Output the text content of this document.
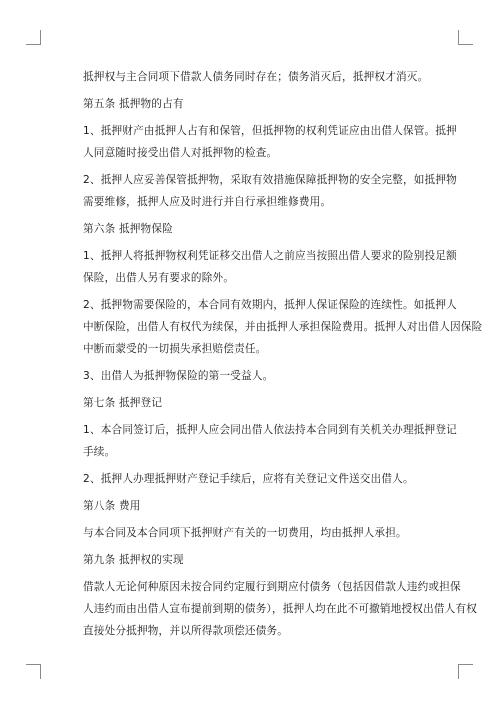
抵押权与主合同项下借款人债务同时存在；债务消灭后，抵押权才消灭。
第五条 抵押物的占有
1、抵押财产由抵押人占有和保管，但抵押物的权利凭证应由出借人保管。抵押
人同意随时接受出借人对抵押物的检查。
2、抵押人应妥善保管抵押物，采取有效措施保障抵押物的安全完整，如抵押物
需要维修，抵押人应及时进行并自行承担维修费用。
第六条 抵押物保险
1、抵押人将抵押物权利凭证移交出借人之前应当按照出借人要求的险别投足额
保险，出借人另有要求的除外。
2、抵押物需要保险的，本合同有效期内，抵押人保证保险的连续性。如抵押人
中断保险，出借人有权代为续保，并由抵押人承担保险费用。抵押人对出借人因保险
中断而蒙受的一切损失承担赔偿责任。
3、出借人为抵押物保险的第一受益人。
第七条 抵押登记
1、本合同签订后，抵押人应会同出借人依法持本合同到有关机关办理抵押登记
手续。
2、抵押人办理抵押财产登记手续后，应将有关登记文件送交出借人。
第八条 费用
与本合同及本合同项下抵押财产有关的一切费用，均由抵押人承担。
第九条 抵押权的实现
借款人无论何种原因未按合同约定履行到期应付债务（包括因借款人违约或担保
人违约而由出借人宣布提前到期的债务），抵押人均在此不可撤销地授权出借人有权
直接处分抵押物，并以所得款项偿还债务。
